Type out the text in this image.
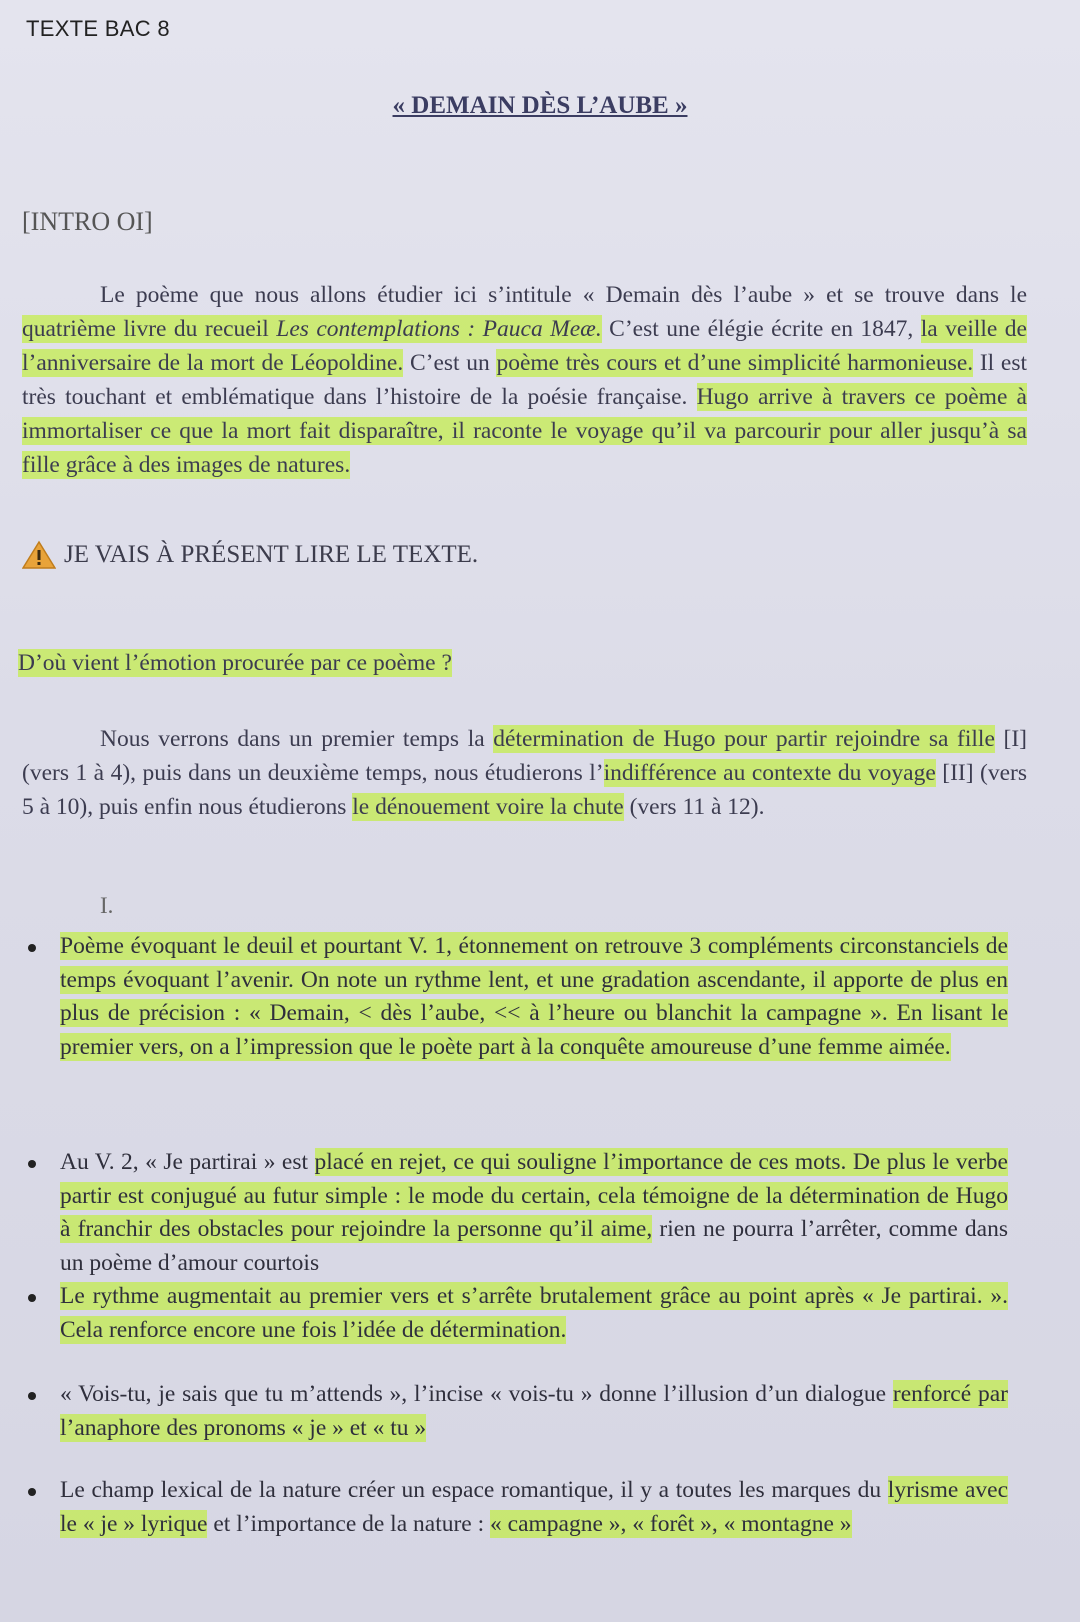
TEXTE BAC 8
« DEMAIN DÈS L’AUBE »
[INTRO OI]
Le poème que nous allons étudier ici s’intitule « Demain dès l’aube » et se trouve dans le quatrième livre du recueil Les contemplations : Pauca Meæ. C’est une élégie écrite en 1847, la veille de l’anniversaire de la mort de Léopoldine. C’est un poème très cours et d’une simplicité harmonieuse. Il est très touchant et emblématique dans l’histoire de la poésie française. Hugo arrive à travers ce poème à immortaliser ce que la mort fait disparaître, il raconte le voyage qu’il va parcourir pour aller jusqu’à sa fille grâce à des images de natures.
JE VAIS À PRÉSENT LIRE LE TEXTE.
D’où vient l’émotion procurée par ce poème ?
Nous verrons dans un premier temps la détermination de Hugo pour partir rejoindre sa fille [I] (vers 1 à 4), puis dans un deuxième temps, nous étudierons l’indifférence au contexte du voyage [II] (vers 5 à 10), puis enfin nous étudierons le dénouement voire la chute (vers 11 à 12).
I.
Poème évoquant le deuil et pourtant V. 1, étonnement on retrouve 3 compléments circonstanciels de temps évoquant l’avenir. On note un rythme lent, et une gradation ascendante, il apporte de plus en plus de précision : « Demain, < dès l’aube, << à l’heure ou blanchit la campagne ». En lisant le premier vers, on a l’impression que le poète part à la conquête amoureuse d’une femme aimée.
Au V. 2, « Je partirai » est placé en rejet, ce qui souligne l’importance de ces mots. De plus le verbe partir est conjugué au futur simple : le mode du certain, cela témoigne de la détermination de Hugo à franchir des obstacles pour rejoindre la personne qu’il aime, rien ne pourra l’arrêter, comme dans un poème d’amour courtois
Le rythme augmentait au premier vers et s’arrête brutalement grâce au point après « Je partirai. ». Cela renforce encore une fois l’idée de détermination.
« Vois-tu, je sais que tu m’attends », l’incise « vois-tu » donne l’illusion d’un dialogue renforcé par l’anaphore des pronoms « je » et « tu »
Le champ lexical de la nature créer un espace romantique, il y a toutes les marques du lyrisme avec le « je » lyrique et l’importance de la nature : « campagne », « forêt », « montagne »
